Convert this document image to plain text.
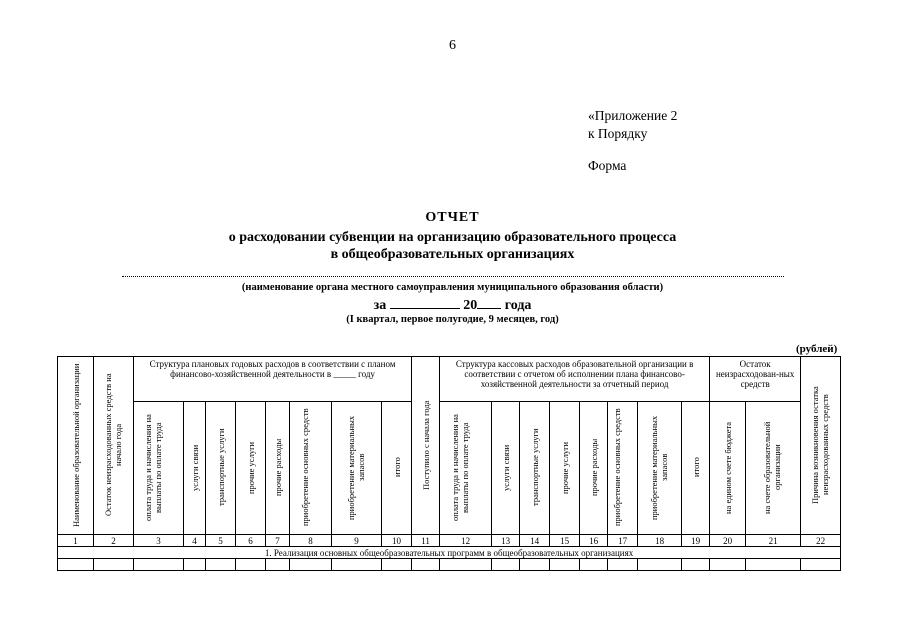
6
«Приложение 2
к Порядку
Форма
ОТЧЕТ
о расходовании субвенции на организацию образовательного процесса
в общеобразовательных организациях
(наименование органа местного самоуправления муниципального образования области)
за	20 года
(I квартал, первое полугодие, 9 месяцев, год)
(рублей)
Наименование образовательной организации	Остаток неизрасходованных средств на начало года	Структура плановых годовых расходов в соответствии с планом финансово-хозяйственной деятельности в _____ году								Поступило с начала года	Структура кассовых расходов образовательной организации в соответствии с отчетом об исполнении плана финансово-хозяйственной деятельности за отчетный период								Остаток неизрасходован-ных средств		Причина возникновения остатка неизрасходованных средств
		оплата труда и начисления на выплаты по оплате труда	услуги связи	транспортные услуги	прочие услуги	прочие расходы	приобретение основных средств	приобретение материальных запасов	итого		оплата труда и начисления на выплаты по оплате труда	услуги связи	транспортные услуги	прочие услуги	прочие расходы	приобретение основных средств	приобретение материальных запасов	итого	на едином счете бюджета	на счете образовательной организации	
1	2	3	4	5	6	7	8	9	10	11	12	13	14	15	16	17	18	19	20	21	22
1. Реализация основных общеобразовательных программ в общеобразовательных организациях																					
